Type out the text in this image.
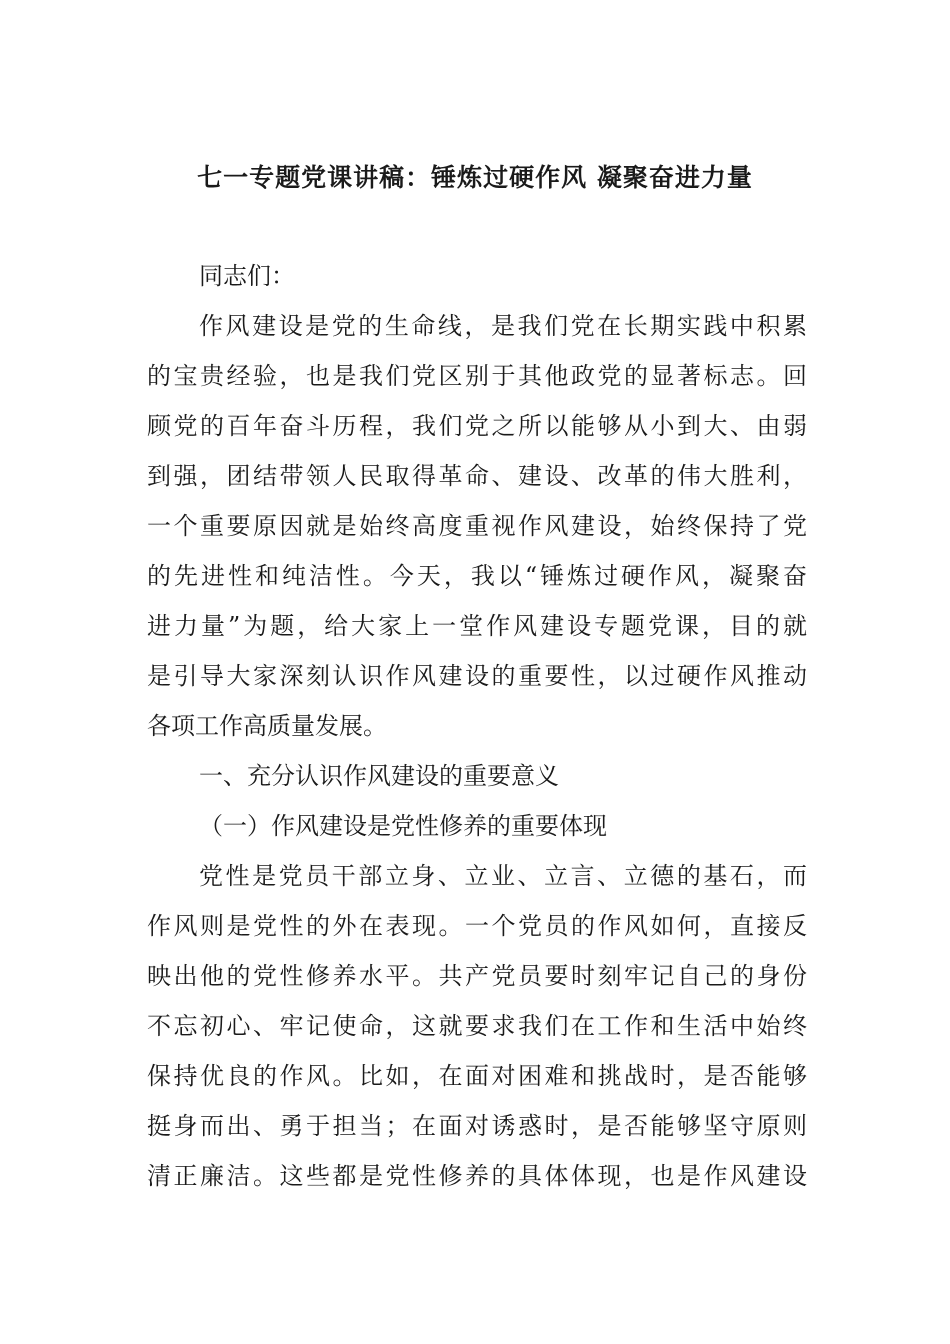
七一专题党课讲稿：锤炼过硬作风 凝聚奋进力量
同志们：
作风建设是党的生命线，是我们党在长期实践中积累
的宝贵经验，也是我们党区别于其他政党的显著标志。回
顾党的百年奋斗历程，我们党之所以能够从小到大、由弱
到强，团结带领人民取得革命、建设、改革的伟大胜利，
一个重要原因就是始终高度重视作风建设，始终保持了党
的先进性和纯洁性。今天，我以“锤炼过硬作风，凝聚奋
进力量”为题，给大家上一堂作风建设专题党课，目的就
是引导大家深刻认识作风建设的重要性，以过硬作风推动
各项工作高质量发展。
一、充分认识作风建设的重要意义
（一）作风建设是党性修养的重要体现
党性是党员干部立身、立业、立言、立德的基石，而
作风则是党性的外在表现。一个党员的作风如何，直接反
映出他的党性修养水平。共产党员要时刻牢记自己的身份
不忘初心、牢记使命，这就要求我们在工作和生活中始终
保持优良的作风。比如，在面对困难和挑战时，是否能够
挺身而出、勇于担当；在面对诱惑时，是否能够坚守原则
清正廉洁。这些都是党性修养的具体体现，也是作风建设
